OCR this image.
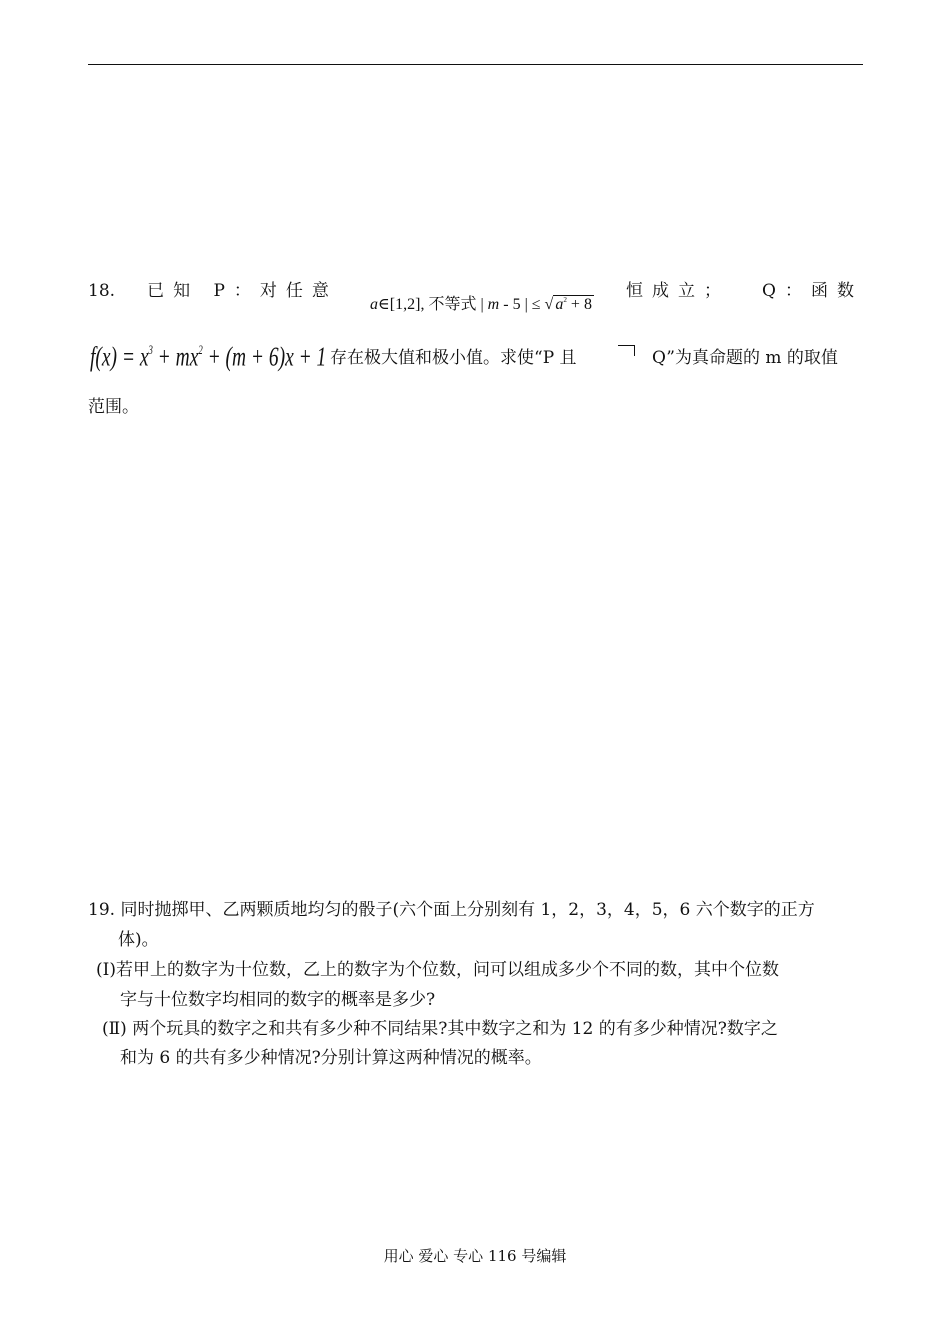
18. 已知 P：对任意
a∈[1,2], 不等式 | m - 5 | ≤ √ $a^2 + 8$
恒成立； Q：函数
$f(x) = x^3 + mx^2 + (m + 6)x + 1$ 存在极大值和极小值。求使“P 且	Q”为真命题的 m 的取值
范围。
19. 同时抛掷甲、乙两颗质地均匀的骰子(六个面上分别刻有 1，2，3，4，5，6 六个数字的正方
体)。
(Ⅰ)若甲上的数字为十位数，乙上的数字为个位数，问可以组成多少个不同的数，其中个位数
字与十位数字均相同的数字的概率是多少?
(Ⅱ) 两个玩具的数字之和共有多少种不同结果?其中数字之和为 12 的有多少种情况?数字之
和为 6 的共有多少种情况?分别计算这两种情况的概率。
用心 爱心 专心 116 号编辑
